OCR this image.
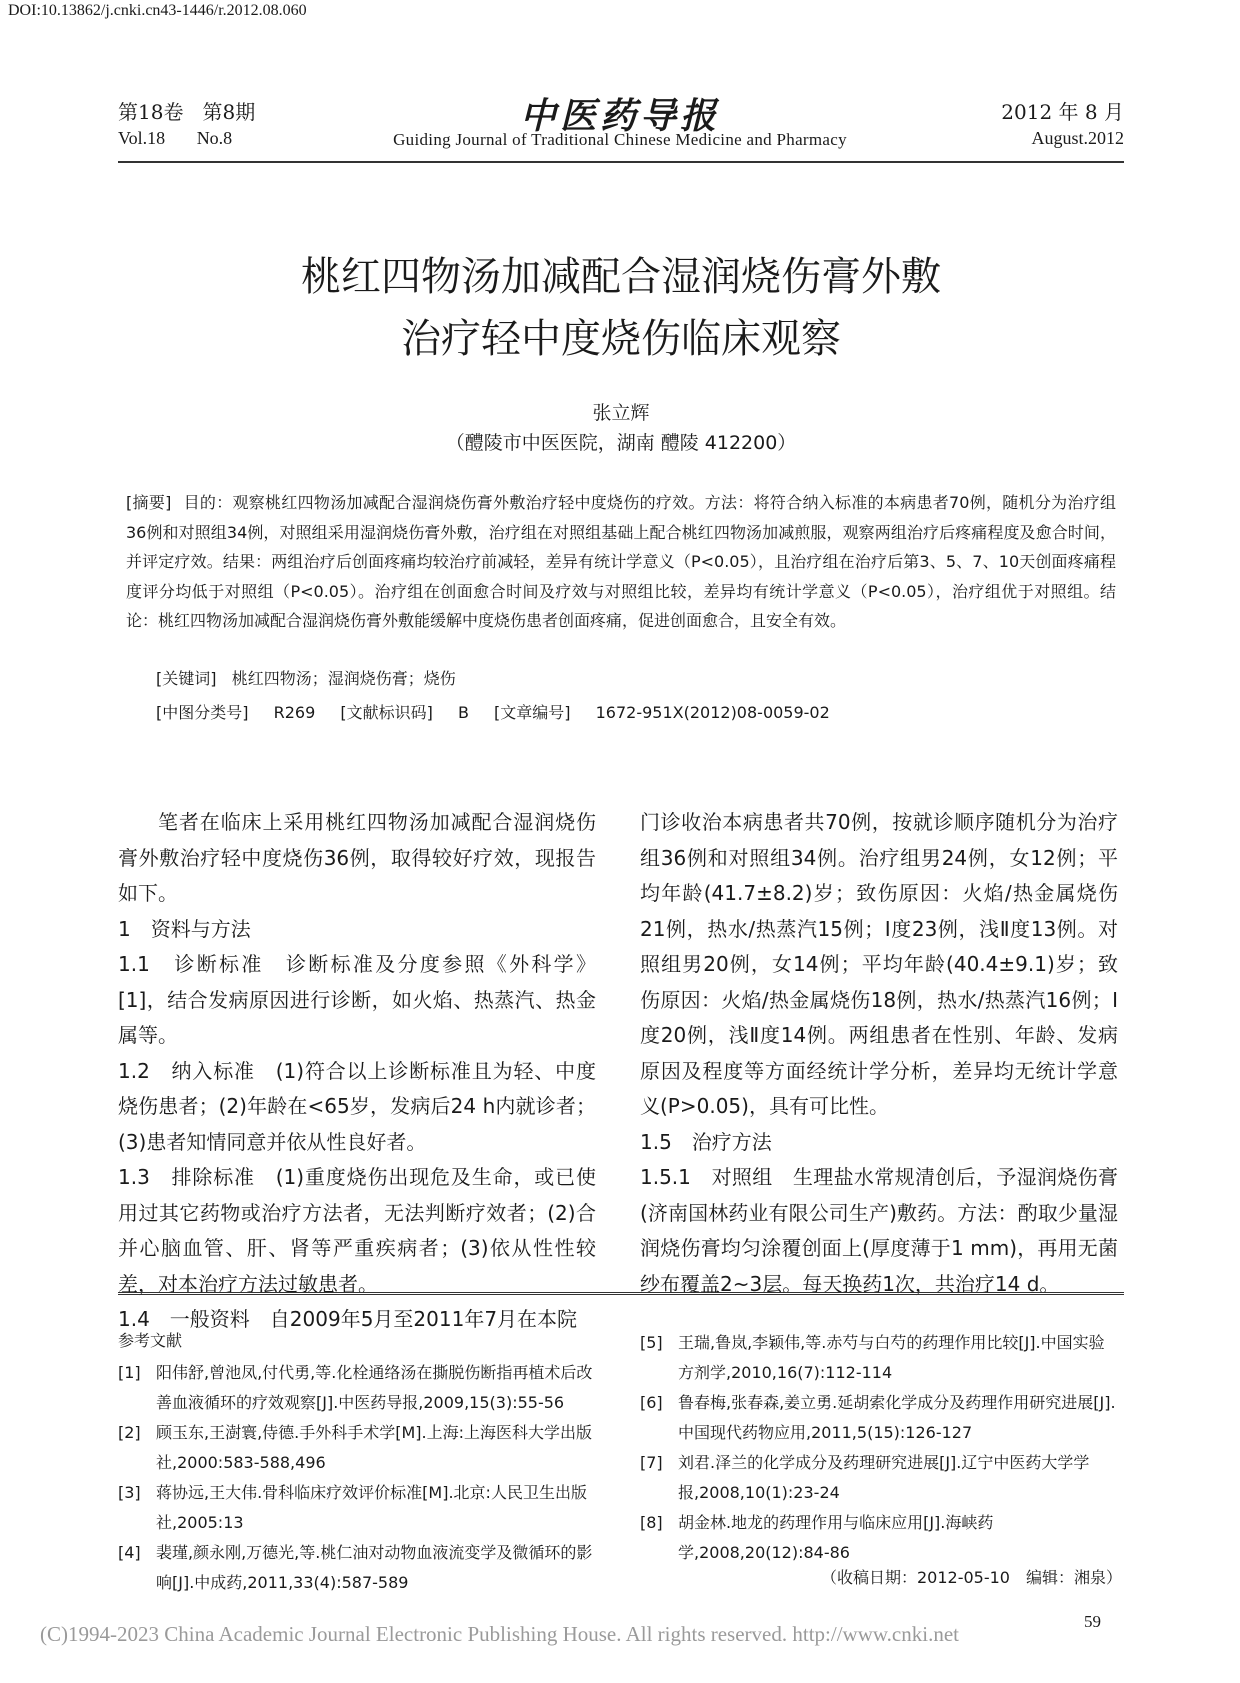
DOI:10.13862/j.cnki.cn43-1446/r.2012.08.060
第18卷 第8期
Vol.18 No.8
中医药导报
Guiding Journal of Traditional Chinese Medicine and Pharmacy
2012 年 8 月
August.2012
桃红四物汤加减配合湿润烧伤膏外敷
治疗轻中度烧伤临床观察
张立辉
（醴陵市中医医院，湖南 醴陵 412200）
[摘要] 目的：观察桃红四物汤加减配合湿润烧伤膏外敷治疗轻中度烧伤的疗效。方法：将符合纳入标准的本病患者70例，随机分为治疗组36例和对照组34例，对照组采用湿润烧伤膏外敷，治疗组在对照组基础上配合桃红四物汤加减煎服，观察两组治疗后疼痛程度及愈合时间，并评定疗效。结果：两组治疗后创面疼痛均较治疗前减轻，差异有统计学意义（P<0.05），且治疗组在治疗后第3、5、7、10天创面疼痛程度评分均低于对照组（P<0.05）。治疗组在创面愈合时间及疗效与对照组比较，差异均有统计学意义（P<0.05），治疗组优于对照组。结论：桃红四物汤加减配合湿润烧伤膏外敷能缓解中度烧伤患者创面疼痛，促进创面愈合，且安全有效。
[关键词] 桃红四物汤；湿润烧伤膏；烧伤
[中图分类号] R269 [文献标识码] B [文章编号] 1672-951X(2012)08-0059-02

笔者在临床上采用桃红四物汤加减配合湿润烧伤膏外敷治疗轻中度烧伤36例，取得较好疗效，现报告如下。

1　资料与方法

1.1　诊断标准　诊断标准及分度参照《外科学》[1]，结合发病原因进行诊断，如火焰、热蒸汽、热金属等。

1.2　纳入标准　(1)符合以上诊断标准且为轻、中度烧伤患者；(2)年龄在<65岁，发病后24 h内就诊者；(3)患者知情同意并依从性良好者。

1.3　排除标准　(1)重度烧伤出现危及生命，或已使用过其它药物或治疗方法者，无法判断疗效者；(2)合并心脑血管、肝、肾等严重疾病者；(3)依从性性较差，对本治疗方法过敏患者。

1.4　一般资料　自2009年5月至2011年7月在本院

门诊收治本病患者共70例，按就诊顺序随机分为治疗组36例和对照组34例。治疗组男24例，女12例；平均年龄(41.7±8.2)岁；致伤原因：火焰/热金属烧伤21例，热水/热蒸汽15例；Ⅰ度23例，浅Ⅱ度13例。对照组男20例，女14例；平均年龄(40.4±9.1)岁；致伤原因：火焰/热金属烧伤18例，热水/热蒸汽16例；Ⅰ度20例，浅Ⅱ度14例。两组患者在性别、年龄、发病原因及程度等方面经统计学分析，差异均无统计学意义(P>0.05)，具有可比性。

1.5　治疗方法

1.5.1　对照组　生理盐水常规清创后，予湿润烧伤膏(济南国林药业有限公司生产)敷药。方法：酌取少量湿润烧伤膏均匀涂覆创面上(厚度薄于1 mm)，再用无菌纱布覆盖2~3层。每天换药1次，共治疗14 d。

参考文献
[1] 阳伟舒,曾池凤,付代勇,等.化栓通络汤在撕脱伤断指再植术后改善血液循环的疗效观察[J].中医药导报,2009,15(3):55-56
[2] 顾玉东,王澍寰,侍德.手外科手术学[M].上海:上海医科大学出版社,2000:583-588,496
[3] 蒋协远,王大伟.骨科临床疗效评价标准[M].北京:人民卫生出版社,2005:13
[4] 裴瑾,颜永刚,万德光,等.桃仁油对动物血液流变学及微循环的影响[J].中成药,2011,33(4):587-589
[5] 王瑞,鲁岚,李颖伟,等.赤芍与白芍的药理作用比较[J].中国实验方剂学,2010,16(7):112-114
[6] 鲁春梅,张春森,姜立勇.延胡索化学成分及药理作用研究进展[J].中国现代药物应用,2011,5(15):126-127
[7] 刘君.泽兰的化学成分及药理研究进展[J].辽宁中医药大学学报,2008,10(1):23-24
[8] 胡金林.地龙的药理作用与临床应用[J].海峡药学,2008,20(12):84-86
（收稿日期：2012-05-10　编辑：湘泉）
(C)1994-2023 China Academic Journal Electronic Publishing House. All rights reserved. http://www.cnki.net
59
